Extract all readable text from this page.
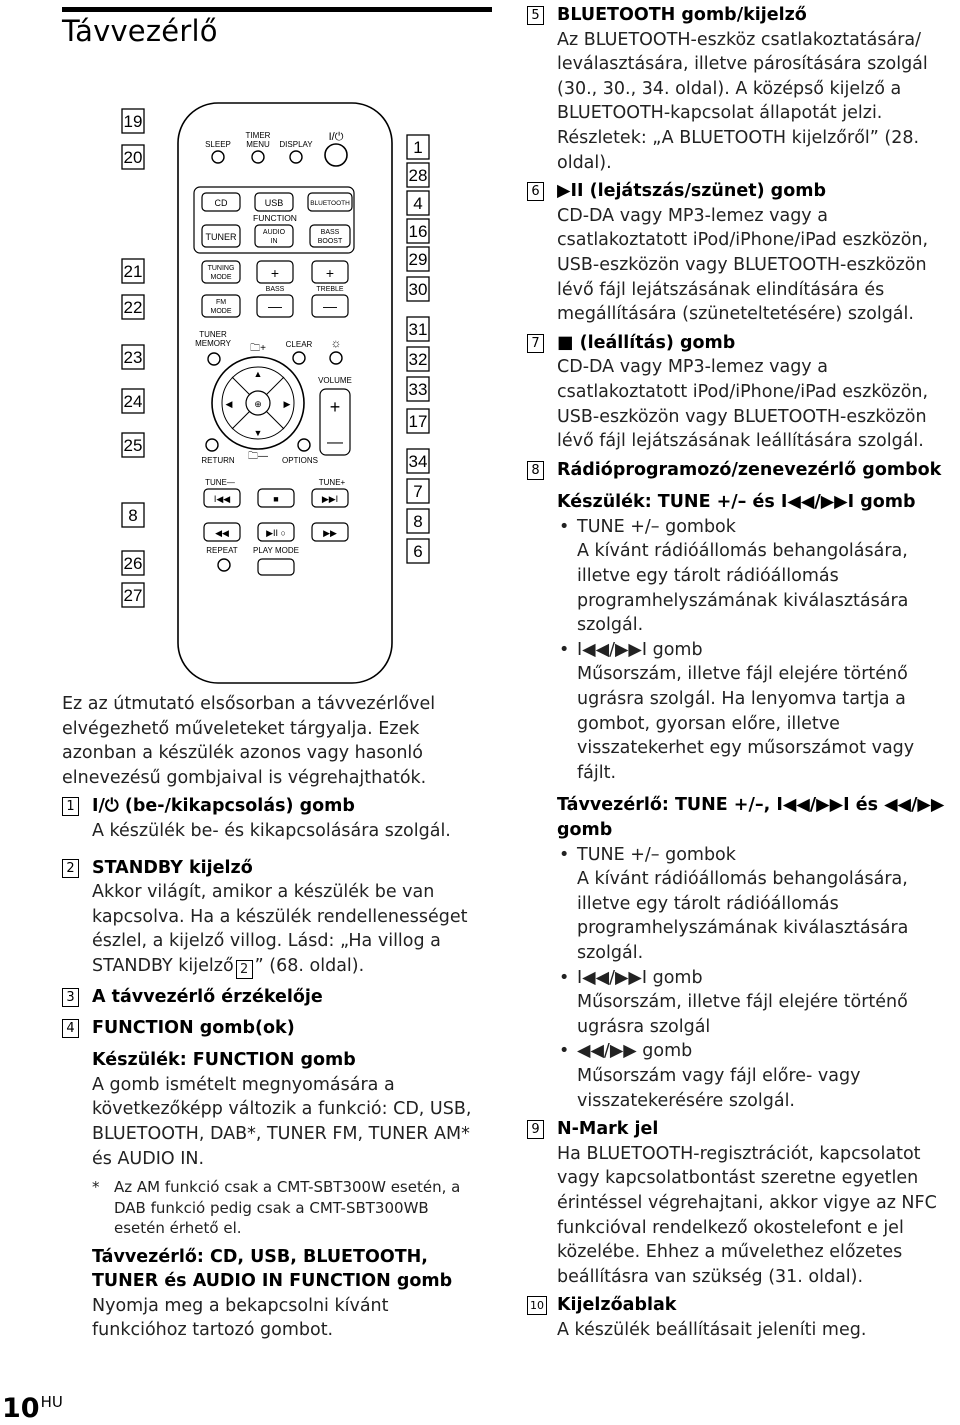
Távvezérlő
19
20
21
22
23
24
25
8
26
27
1
28
4
16
29
30
31
32
33
17
34
7
8
6
SLEEP
TIMER
MENU DISPLAY
I/⏻
CD	USB	BLUETOOTH
FUNCTION
TUNER	AUDIO
IN
BASS
BOOST
TUNING
MODE
FM
MODE
+
—
+
—
BASS	TREBLE
TUNER
MEMORY	CLEAR
VOLUME
RETURN	OPTIONS
🗀+	☼
⊕
▲
▼
◀	▶
🗀—
+
—
TUNE—	TUNE+
REPEAT PLAY MODE
I◀◀	■	▶▶I
◀◀	▶II ○	▶▶
Ez az útmutató elsősorban a távvezérlővel elvégezhető műveleteket tárgyalja. Ezek azonban a készülék azonos vagy hasonló elnevezésű gombjaival is végrehajthatók.
1 I/⏻ (be-/kikapcsolás) gomb
A készülék be- és kikapcsolására szolgál.
2 STANDBY kijelző
Akkor világít, amikor a készülék be van kapcsolva. Ha a készülék rendellenességet észlel, a kijelző villog. Lásd: „Ha villog a STANDBY kijelző 2 ” (68. oldal).
3 A távvezérlő érzékelője
4 FUNCTION gomb(ok)
Készülék: FUNCTION gomb
A gomb ismételt megnyomására a következőképp változik a funkció: CD, USB, BLUETOOTH, DAB*, TUNER FM, TUNER AM* és AUDIO IN.
* Az AM funkció csak a CMT-SBT300W esetén, a DAB funkció pedig csak a CMT-SBT300WB esetén érhető el.
Távvezérlő: CD, USB, BLUETOOTH, TUNER és AUDIO IN FUNCTION gomb
Nyomja meg a bekapcsolni kívánt funkcióhoz tartozó gombot.
5 BLUETOOTH gomb/kijelző
Az BLUETOOTH-eszköz csatlakoztatására/ leválasztására, illetve párosítására szolgál (30., 30., 34. oldal). A középső kijelző a BLUETOOTH-kapcsolat állapotát jelzi. Részletek: „A BLUETOOTH kijelzőről” (28. oldal).
6 ▶II (lejátszás/szünet) gomb
CD-DA vagy MP3-lemez vagy a csatlakoztatott iPod/iPhone/iPad eszközön, USB-eszközön vagy BLUETOOTH-eszközön lévő fájl lejátszásának elindítására és megállítására (szüneteltetésére) szolgál.
7 ■ (leállítás) gomb
CD-DA vagy MP3-lemez vagy a csatlakoztatott iPod/iPhone/iPad eszközön, USB-eszközön vagy BLUETOOTH-eszközön lévő fájl lejátszásának leállítására szolgál.
8 Rádióprogramozó/zenevezérlő gombok
Készülék: TUNE +/– és I◀◀/▶▶I gomb
• TUNE +/– gombok
A kívánt rádióállomás behangolására, illetve egy tárolt rádióállomás programhelyszámának kiválasztására szolgál.
• I◀◀/▶▶I gomb
Műsorszám, illetve fájl elejére történő ugrásra szolgál. Ha lenyomva tartja a gombot, gyorsan előre, illetve visszatekerhet egy műsorszámot vagy fájlt.
Távvezérlő: TUNE +/–, I◀◀/▶▶I és ◀◀/▶▶ gomb
• TUNE +/– gombok
A kívánt rádióállomás behangolására, illetve egy tárolt rádióállomás programhelyszámának kiválasztására szolgál.
• I◀◀/▶▶I gomb
Műsorszám, illetve fájl elejére történő ugrásra szolgál
• ◀◀/▶▶ gomb
Műsorszám vagy fájl előre- vagy visszatekerésére szolgál.
9 N-Mark jel
Ha BLUETOOTH-regisztrációt, kapcsolatot vagy kapcsolatbontást szeretne egyetlen érintéssel végrehajtani, akkor vigye az NFC funkcióval rendelkező okostelefont e jel közelébe. Ehhez a művelethez előzetes beállításra van szükség (31. oldal).
10 Kijelzőablak
A készülék beállításait jeleníti meg.
$10^{HU}$
